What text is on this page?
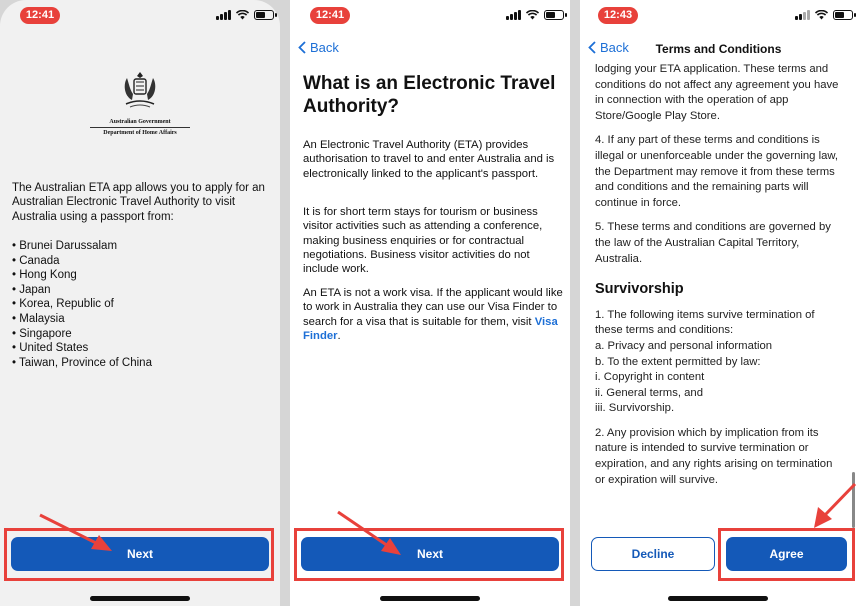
12:41
Australian Government
Department of Home Affairs
The Australian ETA app allows you to apply for an Australian Electronic Travel Authority to visit Australia using a passport from:
• Brunei Darussalam
• Canada
• Hong Kong
• Japan
• Korea, Republic of
• Malaysia
• Singapore
• United States
• Taiwan, Province of China
Next
12:41
Back
What is an Electronic Travel Authority?
An Electronic Travel Authority (ETA) provides authorisation to travel to and enter Australia and is electronically linked to the applicant's passport.
It is for short term stays for tourism or business visitor activities such as attending a conference, making business enquiries or for contractual negotiations. Business visitor activities do not include work.
An ETA is not a work visa. If the applicant would like to work in Australia they can use our Visa Finder to search for a visa that is suitable for them, visit Visa Finder.
Next
12:43
Back	Terms and Conditions

lodging your ETA application. These terms and conditions do not affect any agreement you have in connection with the operation of app Store/Google Play Store.

4. If any part of these terms and conditions is illegal or unenforceable under the governing law, the Department may remove it from these terms and conditions and the remaining parts will continue in force.

5. These terms and conditions are governed by the law of the Australian Capital Territory, Australia.

Survivorship
1. The following items survive termination of these terms and conditions:
a. Privacy and personal information
b. To the extent permitted by law:
i. Copyright in content
ii. General terms, and
iii. Survivorship.

2. Any provision which by implication from its nature is intended to survive termination or expiration, and any rights arising on termination or expiration will survive.

Decline	Agree
